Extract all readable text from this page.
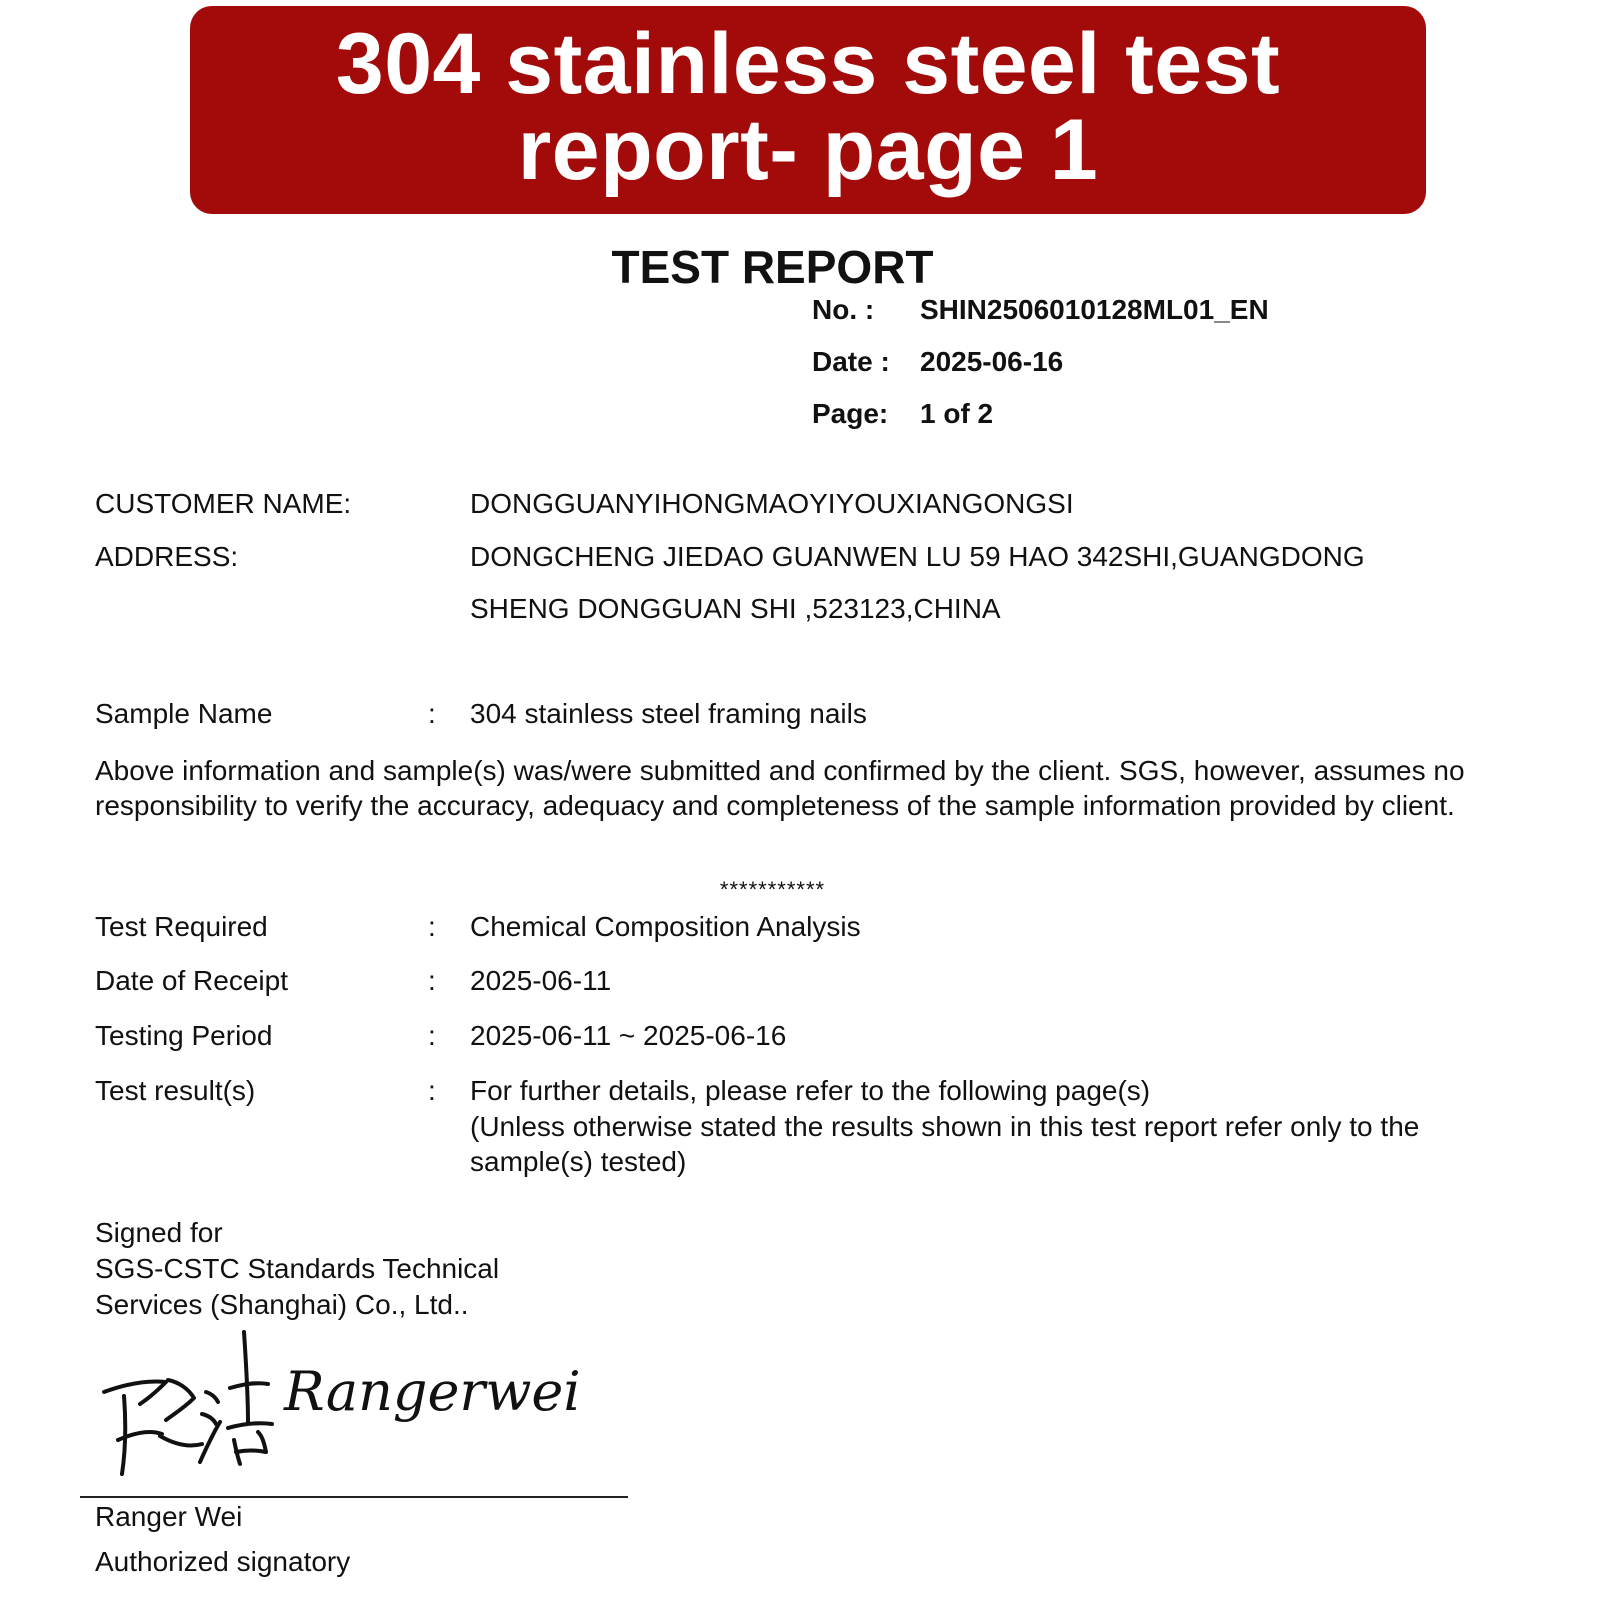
304 stainless steel test report- page 1
TEST REPORT
No. : SHIN2506010128ML01_EN
Date : 2025-06-16
Page: 1 of 2
CUSTOMER NAME:	DONGGUANYIHONGMAOYIYOUXIANGONGSI
ADDRESS:	DONGCHENG JIEDAO GUANWEN LU 59 HAO 342SHI,GUANGDONG
SHENG DONGGUAN SHI ,523123,CHINA
Sample Name	: 304 stainless steel framing nails
Above information and sample(s) was/were submitted and confirmed by the client. SGS, however, assumes no responsibility to verify the accuracy, adequacy and completeness of the sample information provided by client.
***********
Test Required	: Chemical Composition Analysis
Date of Receipt	: 2025-06-11
Testing Period	: 2025-06-11 ~ 2025-06-16
Test result(s)	: For further details, please refer to the following page(s)
(Unless otherwise stated the results shown in this test report refer only to the sample(s) tested)
Signed for
SGS-CSTC Standards Technical
Services (Shanghai) Co., Ltd..
Rangerwei
Ranger Wei
Authorized signatory
